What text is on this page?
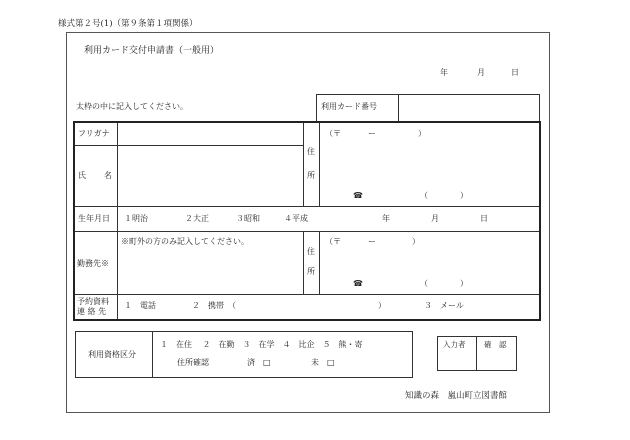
様式第２号(1)（第９条第１項関係）
利用カード交付申請書（一般用）
年	月	日
太枠の中に記入してください。	利用カード番号
フリガナ
氏 名
住
所
（〒	ー	）
☎	（	）
生年月日 １明治	２大正	３昭和	４平成	年	月	日
勤務先※
※町外の方のみ記入してください。
住
所
（〒	ー	）
☎	（	）
予約資料
連 絡 先
１　電話	２　携帯　（	）	３　メール
利用資格区分
１　在住　 ２　在勤　３　在学　４　比企　５　熊・寄
住所確認	済　□	未　□
入力者 確　認
知識の森　嵐山町立図書館
